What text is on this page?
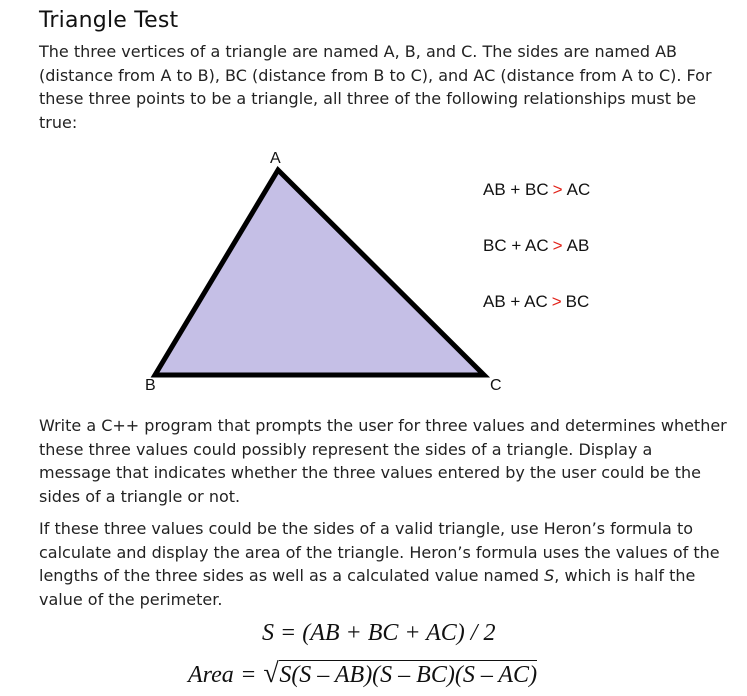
Triangle Test
The three vertices of a triangle are named A, B, and C. The sides are named AB (distance from A to B), BC (distance from B to C), and AC (distance from A to C). For these three points to be a triangle, all three of the following relationships must be true:
A
B	C
AB + BC > AC
BC + AC > AB
AB + AC > BC
Write a C++ program that prompts the user for three values and determines whether these three values could possibly represent the sides of a triangle. Display a message that indicates whether the three values entered by the user could be the sides of a triangle or not.
If these three values could be the sides of a valid triangle, use Heron’s formula to calculate and display the area of the triangle. Heron’s formula uses the values of the lengths of the three sides as well as a calculated value named S, which is half the value of the perimeter.
S = (AB + BC + AC) / 2
Area = √ S(S – AB)(S – BC)(S – AC)
